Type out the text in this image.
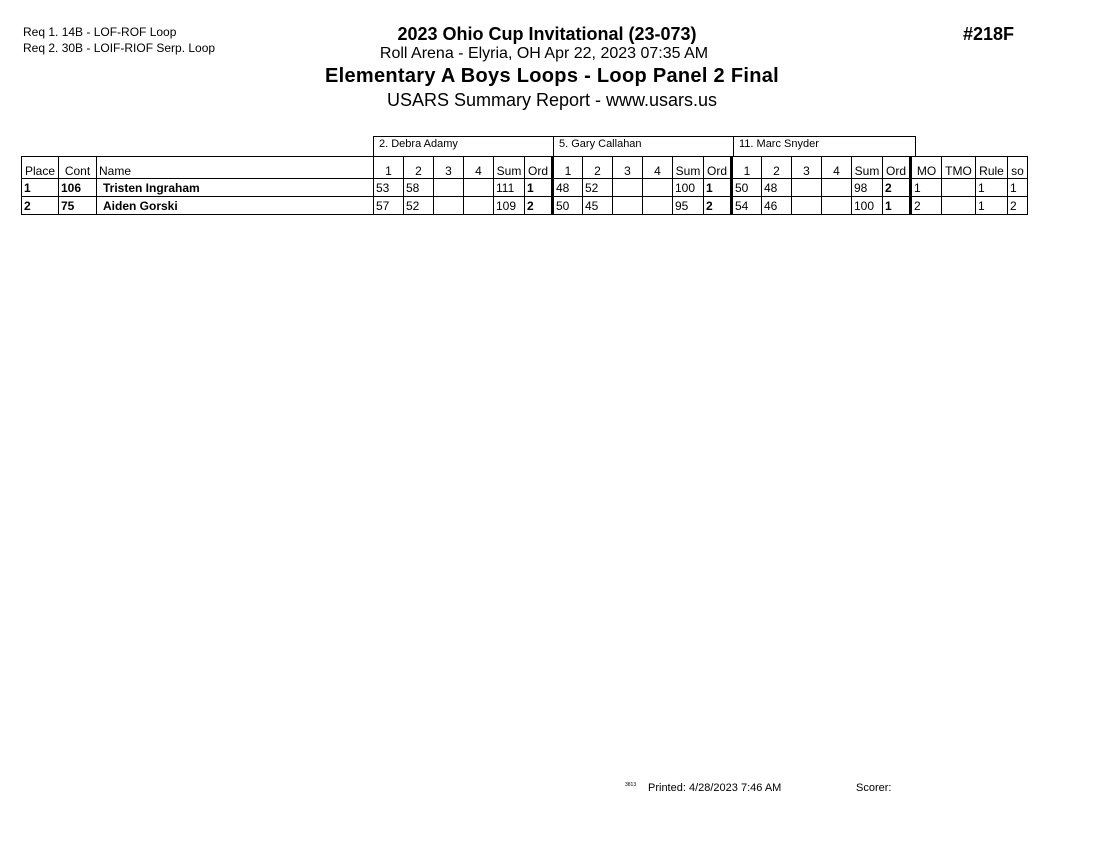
Req 1. 14B - LOF-ROF Loop
Req 2. 30B - LOIF-RIOF Serp. Loop
2023 Ohio Cup Invitational (23-073)
Roll Arena - Elyria, OH Apr 22, 2023 07:35 AM
Elementary A Boys Loops - Loop Panel 2 Final
USARS Summary Report - www.usars.us
#218F
2. Debra Adamy	5. Gary Callahan	11. Marc Snyder
Place	Cont	Name	1	2	3	4	Sum	Ord	1	2	3	4	Sum	Ord	1	2	3	4	Sum	Ord	MO	TMO	Rule	so
1	106	Tristen Ingraham	53	58			111	1	48	52			100	1	50	48			98	2	1		1	1
2	75	Aiden Gorski	57	52			109	2	50	45			95	2	54	46			100	1	2		1	2
3813 Printed: 4/28/2023 7:46 AM	Scorer:
